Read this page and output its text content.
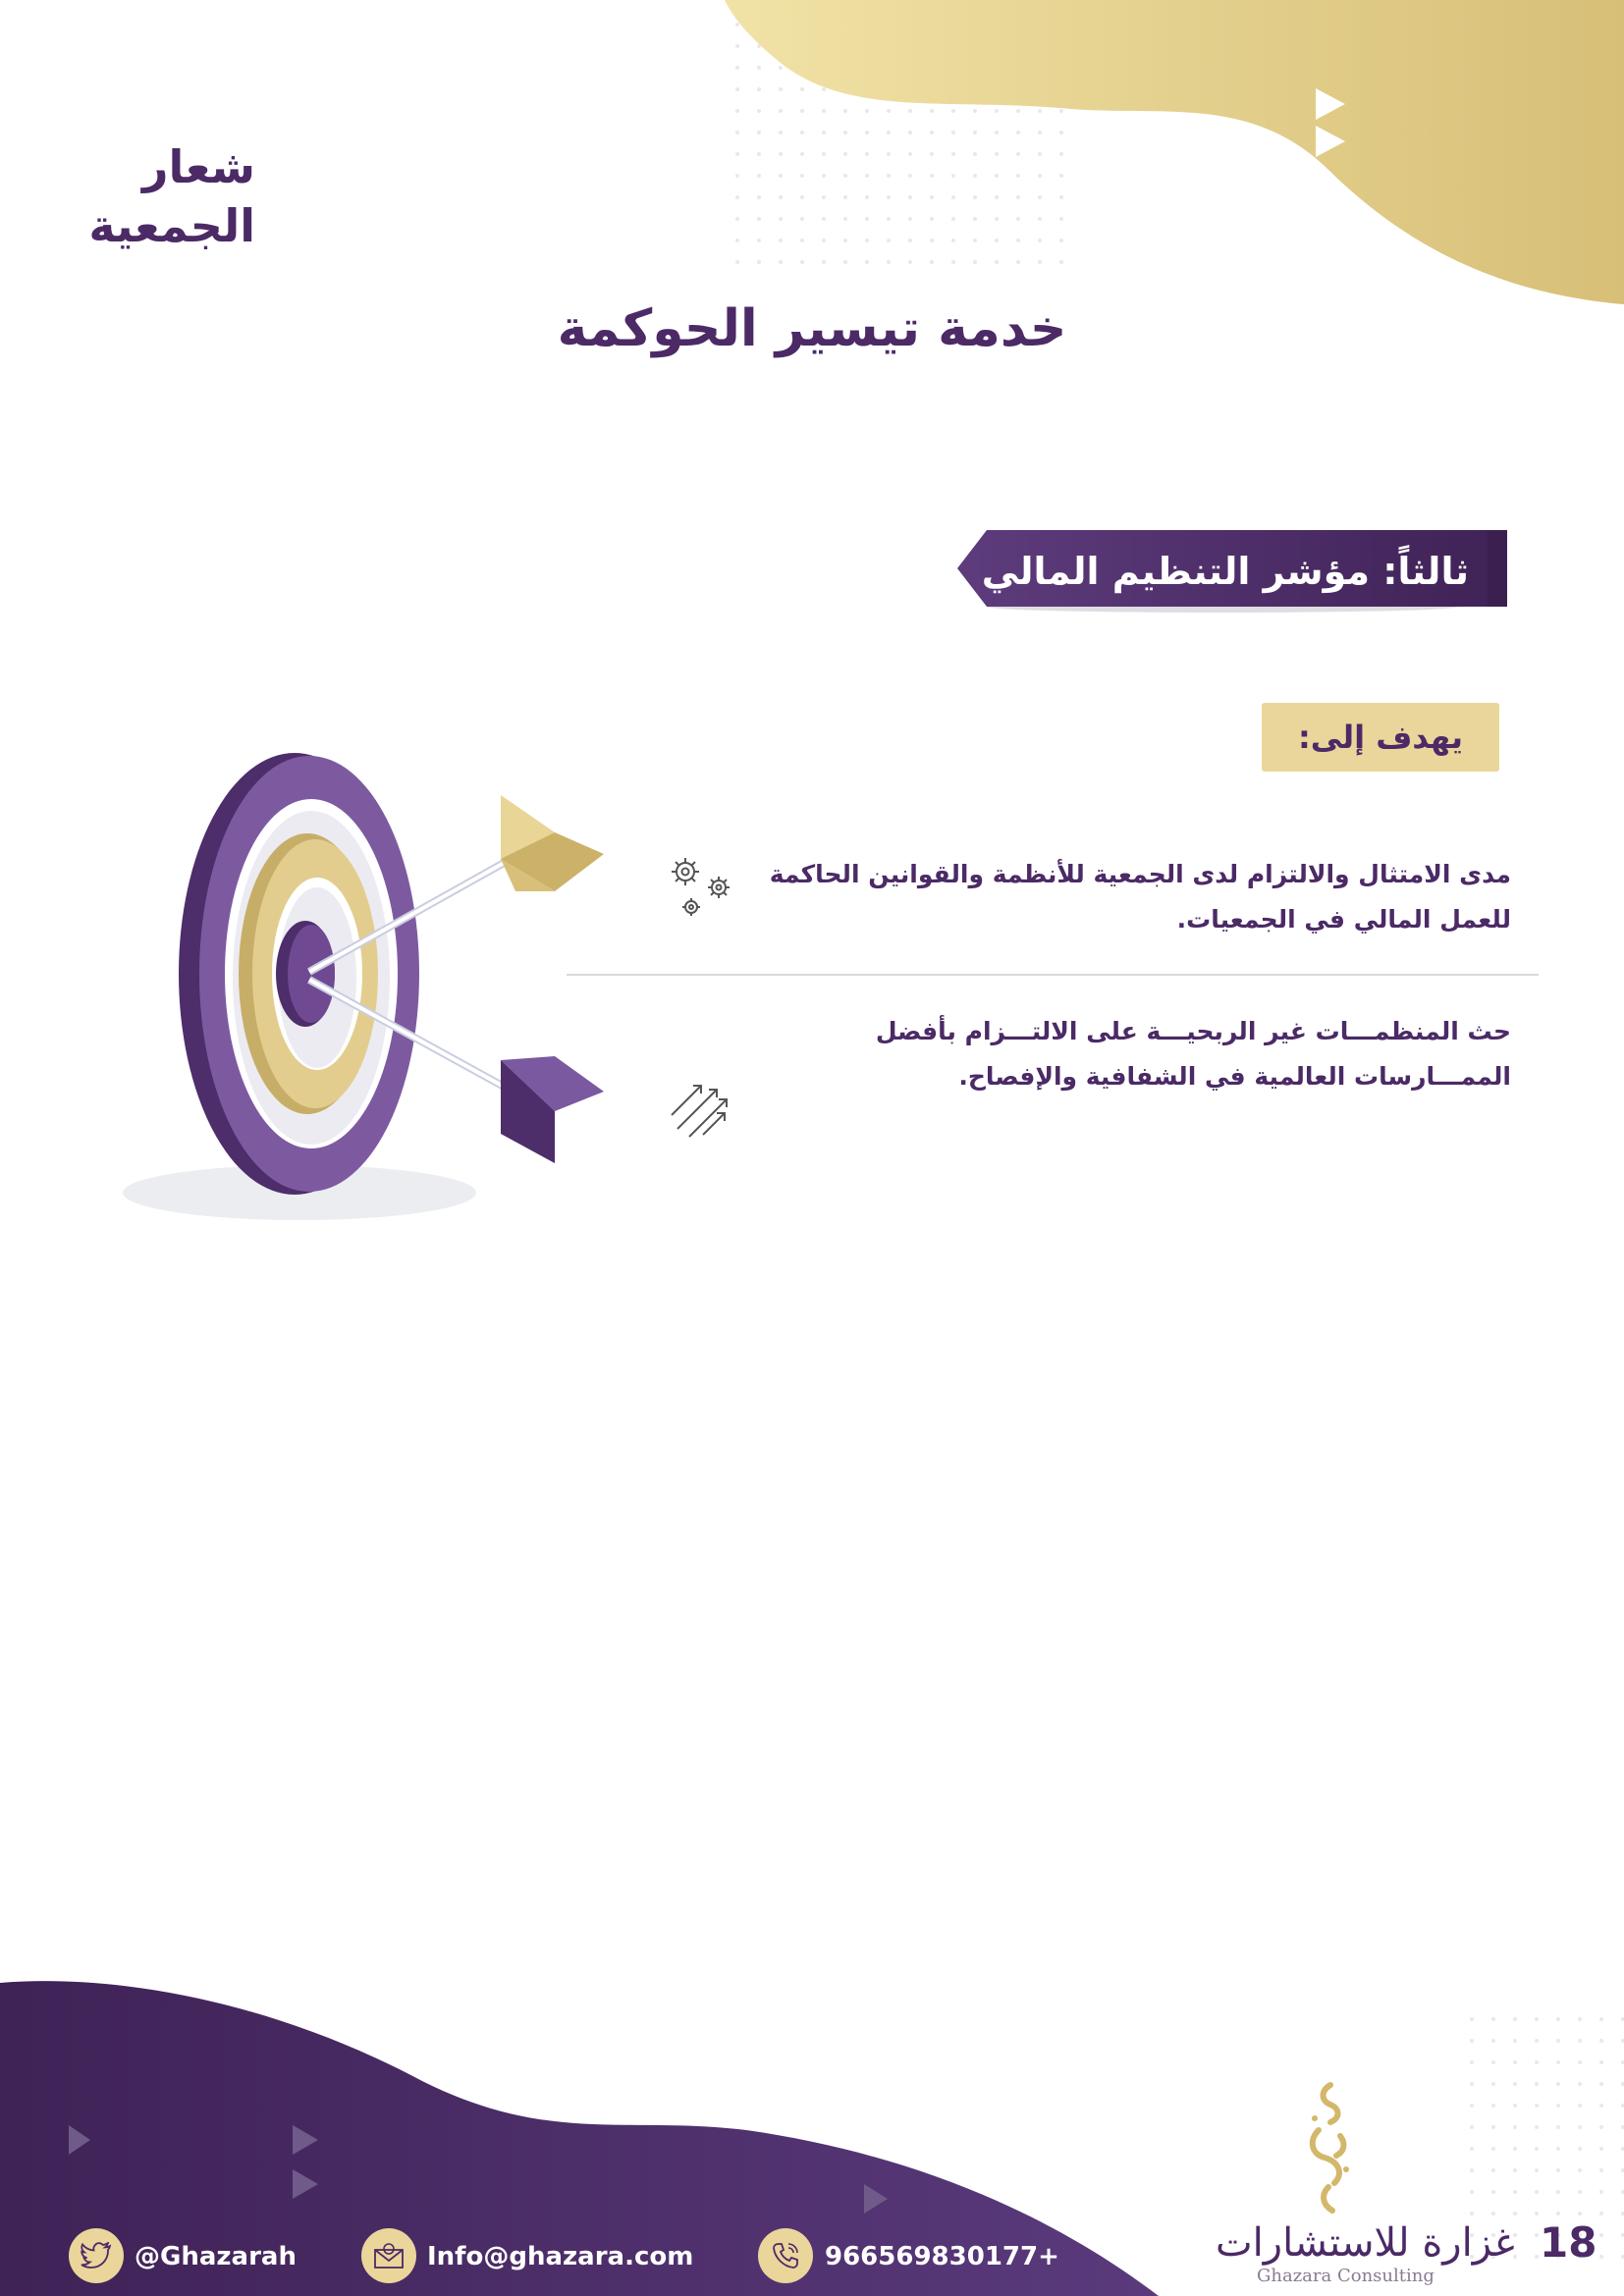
شعار الجمعية
خدمة تيسير الحوكمة
ثالثاً: مؤشر التنظيم المالي
يهدف إلى:
مدى الامتثال والالتزام لدى الجمعية للأنظمة والقوانين الحاكمة للعمل المالي في الجمعيات.
حث المنظمـــات غير الربحيـــة على الالتـــزام بأفضل الممـــارسات العالمية في الشفافية والإفصاح.
@Ghazarah	Info@ghazara.com	966569830177+	غزارة للاستشارات
Ghazara Consulting
18
